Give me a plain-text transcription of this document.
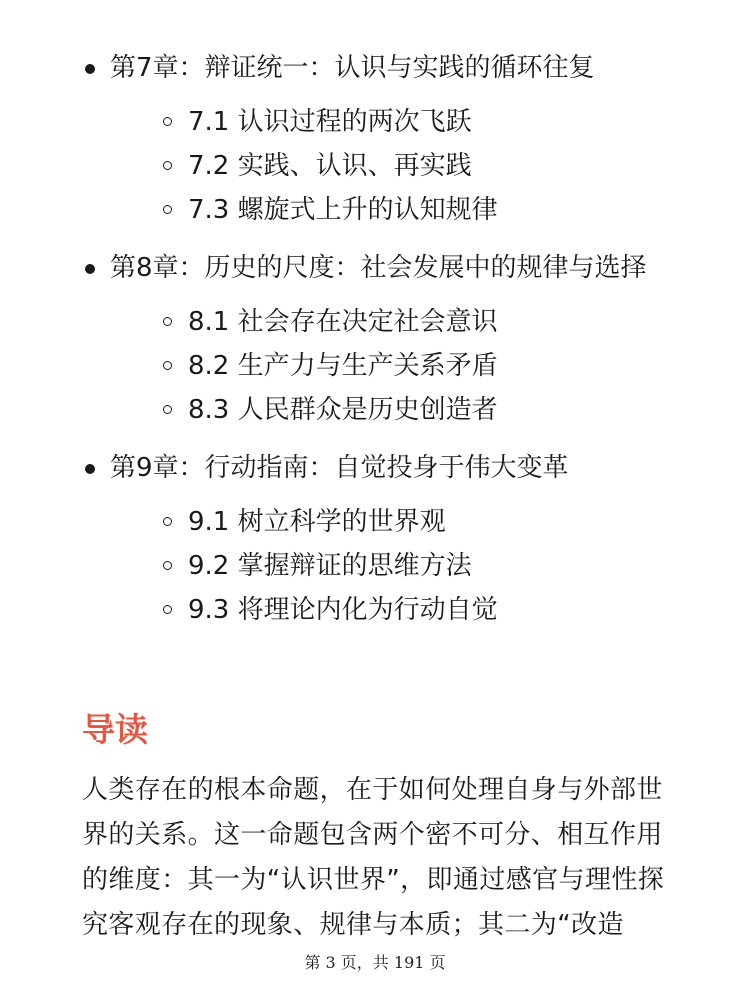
第7章：辩证统一：认识与实践的循环往复
7.1 认识过程的两次飞跃
7.2 实践、认识、再实践
7.3 螺旋式上升的认知规律
第8章：历史的尺度：社会发展中的规律与选择
8.1 社会存在决定社会意识
8.2 生产力与生产关系矛盾
8.3 人民群众是历史创造者
第9章：行动指南：自觉投身于伟大变革
9.1 树立科学的世界观
9.2 掌握辩证的思维方法
9.3 将理论内化为行动自觉
导读

人类存在的根本命题，在于如何处理自身与外部世界的关系。这一命题包含两个密不可分、相互作用的维度：其一为“认识世界”，即通过感官与理性探究客观存在的现象、规律与本质；其二为“改造

第 3 页，共 191 页
